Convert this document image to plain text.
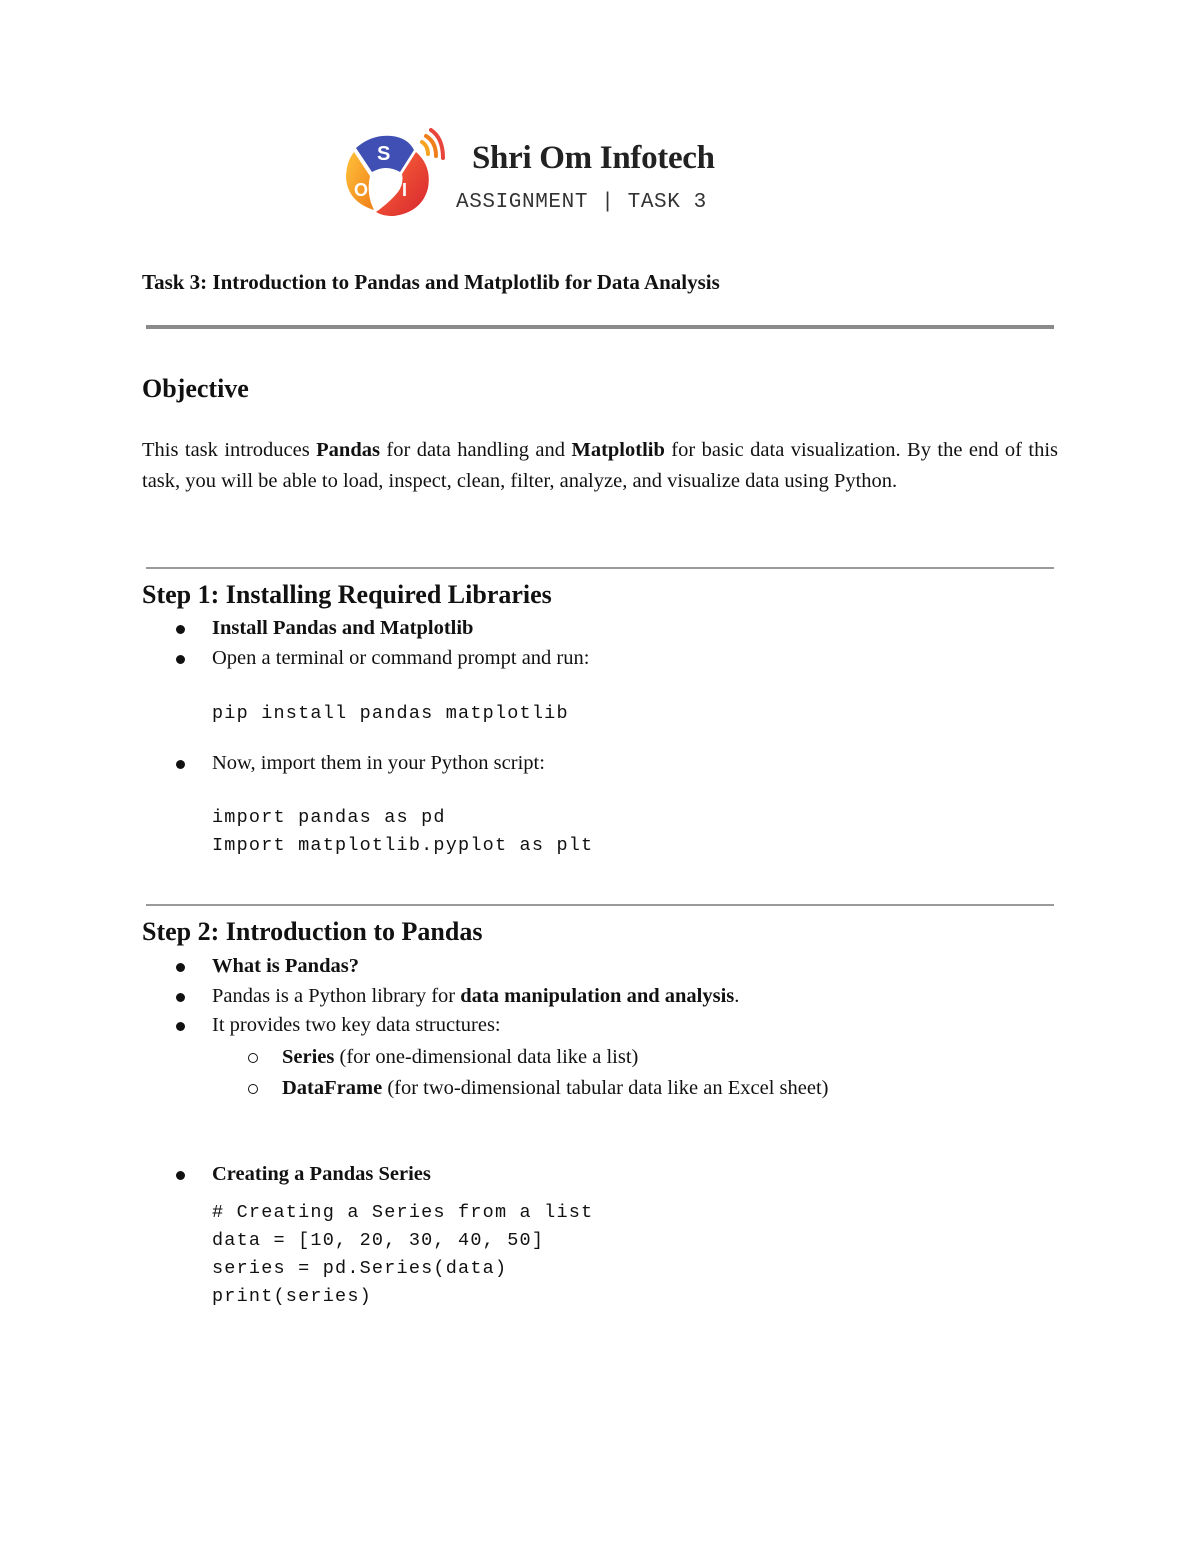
S
O I
Shri Om Infotech
ASSIGNMENT | TASK 3
Task 3: Introduction to Pandas and Matplotlib for Data Analysis
Objective
This task introduces Pandas for data handling and Matplotlib for basic data visualization. By the end of this task, you will be able to load, inspect, clean, filter, analyze, and visualize data using Python.
Step 1: Installing Required Libraries
Install Pandas and Matplotlib
Open a terminal or command prompt and run:
pip install pandas matplotlib
Now, import them in your Python script:
import pandas as pd
Import matplotlib.pyplot as plt
Step 2: Introduction to Pandas
What is Pandas?
Pandas is a Python library for data manipulation and analysis.
It provides two key data structures:
Series (for one-dimensional data like a list)
DataFrame (for two-dimensional tabular data like an Excel sheet)
Creating a Pandas Series
# Creating a Series from a list
data = [10, 20, 30, 40, 50]
series = pd.Series(data)
print(series)
